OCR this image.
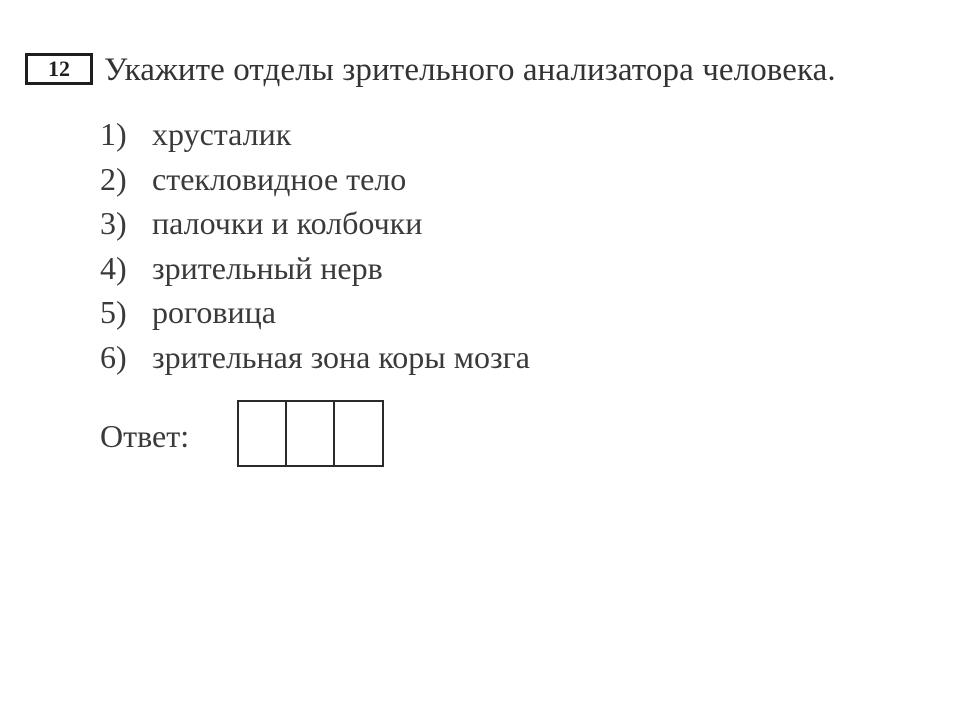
12	Укажите отделы зрительного анализатора человека.
1) хрусталик
2) стекловидное тело
3) палочки и колбочки
4) зрительный нерв
5) роговица
6) зрительная зона коры мозга
Ответ:
